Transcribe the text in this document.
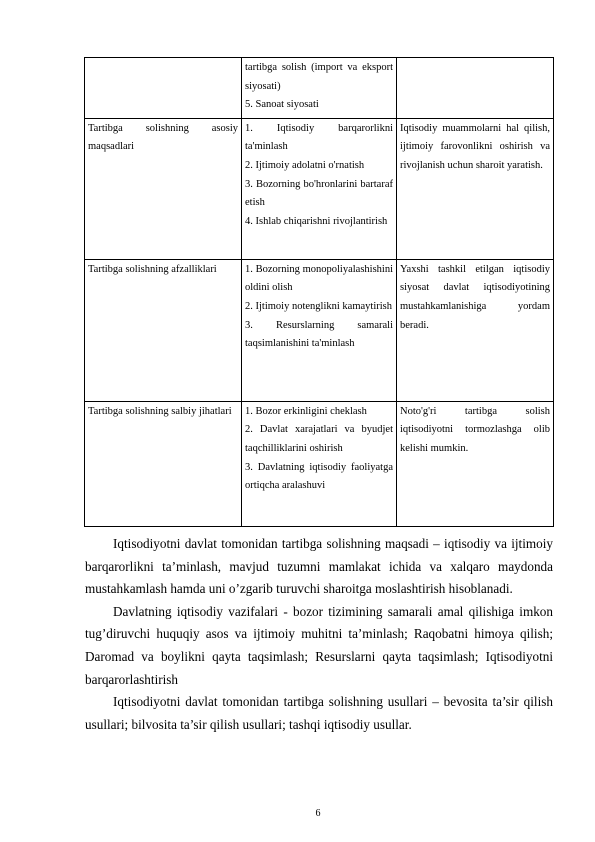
	tartibga solish (import va eksport siyosati)

5. Sanoat siyosati	

Tartibga solishning asosiy maqsadlari	1. Iqtisodiy barqarorlikni ta'minlash

2. Ijtimoiy adolatni o'rnatish

3. Bozorning bo'hronlarini bartaraf etish

4. Ishlab chiqarishni rivojlantirish	Iqtisodiy muammolarni hal qilish, ijtimoiy farovonlikni oshirish va rivojlanish uchun sharoit yaratish.
Tartibga solishning afzalliklari	1. Bozorning monopoliyalashishini oldini olish

2. Ijtimoiy notenglikni kamaytirish

3. Resurslarning samarali taqsimlanishini ta'minlash	Yaxshi tashkil etilgan iqtisodiy siyosat davlat iqtisodiyotining mustahkamlanishiga yordam beradi.
Tartibga solishning salbiy jihatlari	1. Bozor erkinligini cheklash

2. Davlat xarajatlari va byudjet taqchilliklarini oshirish

3. Davlatning iqtisodiy faoliyatga ortiqcha aralashuvi	Noto'g'ri tartibga solish iqtisodiyotni tormozlashga olib kelishi mumkin.

Iqtisodiyotni davlat tomonidan tartibga solishning maqsadi – iqtisodiy va ijtimoiy barqarorlikni ta’minlash, mavjud tuzumni mamlakat ichida va xalqaro maydonda mustahkamlash hamda uni o’zgarib turuvchi sharoitga moslashtirish hisoblanadi.

Davlatning iqtisodiy vazifalari - bozor tizimining samarali amal qilishiga imkon tug’diruvchi huquqiy asos va ijtimoiy muhitni ta’minlash; Raqobatni himoya qilish; Daromad va boylikni qayta taqsimlash; Resurslarni qayta taqsimlash; Iqtisodiyotni barqarorlashtirish

Iqtisodiyotni davlat tomonidan tartibga solishning usullari – bevosita ta’sir qilish usullari; bilvosita ta’sir qilish usullari; tashqi iqtisodiy usullar.

6
